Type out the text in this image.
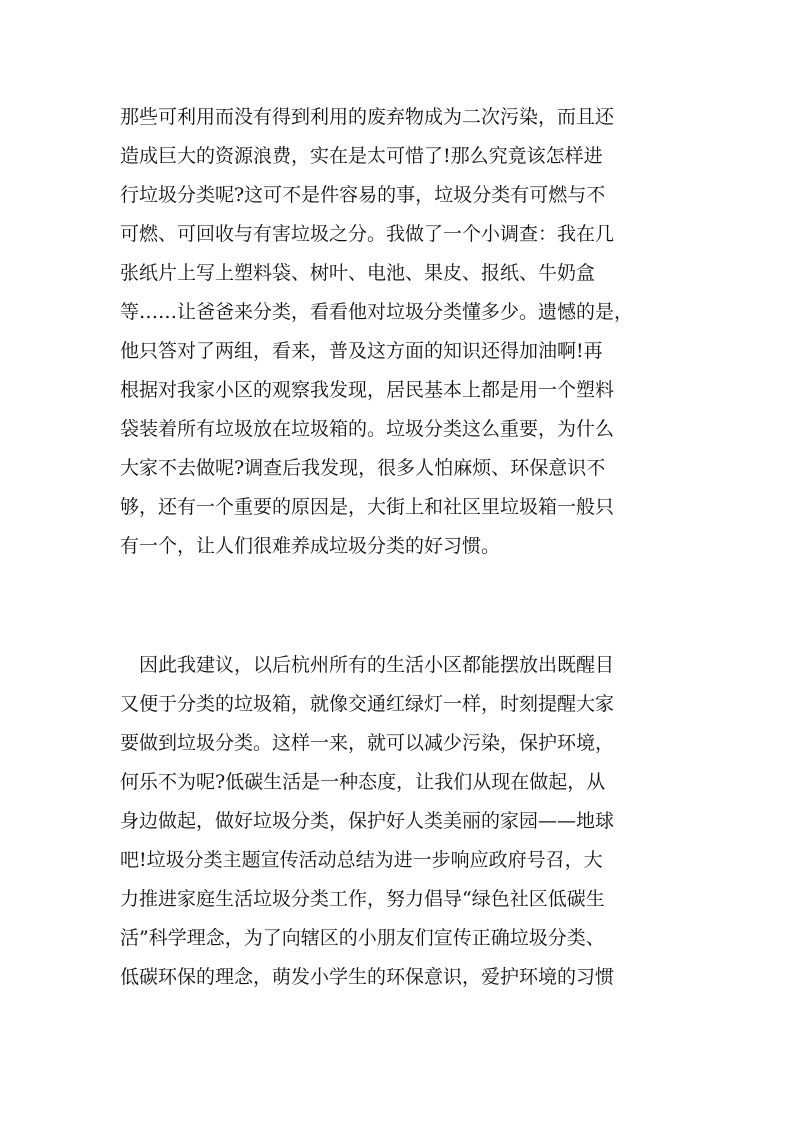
那些可利用而没有得到利用的废弃物成为二次污染，而且还
造成巨大的资源浪费，实在是太可惜了!那么究竟该怎样进
行垃圾分类呢?这可不是件容易的事，垃圾分类有可燃与不
可燃、可回收与有害垃圾之分。我做了一个小调查：我在几
张纸片上写上塑料袋、树叶、电池、果皮、报纸、牛奶盒
等……让爸爸来分类，看看他对垃圾分类懂多少。遗憾的是，
他只答对了两组，看来，普及这方面的知识还得加油啊!再
根据对我家小区的观察我发现，居民基本上都是用一个塑料
袋装着所有垃圾放在垃圾箱的。垃圾分类这么重要，为什么
大家不去做呢?调查后我发现，很多人怕麻烦、环保意识不
够，还有一个重要的原因是，大街上和社区里垃圾箱一般只
有一个，让人们很难养成垃圾分类的好习惯。
　因此我建议，以后杭州所有的生活小区都能摆放出既醒目
又便于分类的垃圾箱，就像交通红绿灯一样，时刻提醒大家
要做到垃圾分类。这样一来，就可以减少污染，保护环境，
何乐不为呢?低碳生活是一种态度，让我们从现在做起，从
身边做起，做好垃圾分类，保护好人类美丽的家园——地球
吧!垃圾分类主题宣传活动总结为进一步响应政府号召，大
力推进家庭生活垃圾分类工作，努力倡导“绿色社区低碳生
活”科学理念，为了向辖区的小朋友们宣传正确垃圾分类、
低碳环保的理念，萌发小学生的环保意识，爱护环境的习惯
